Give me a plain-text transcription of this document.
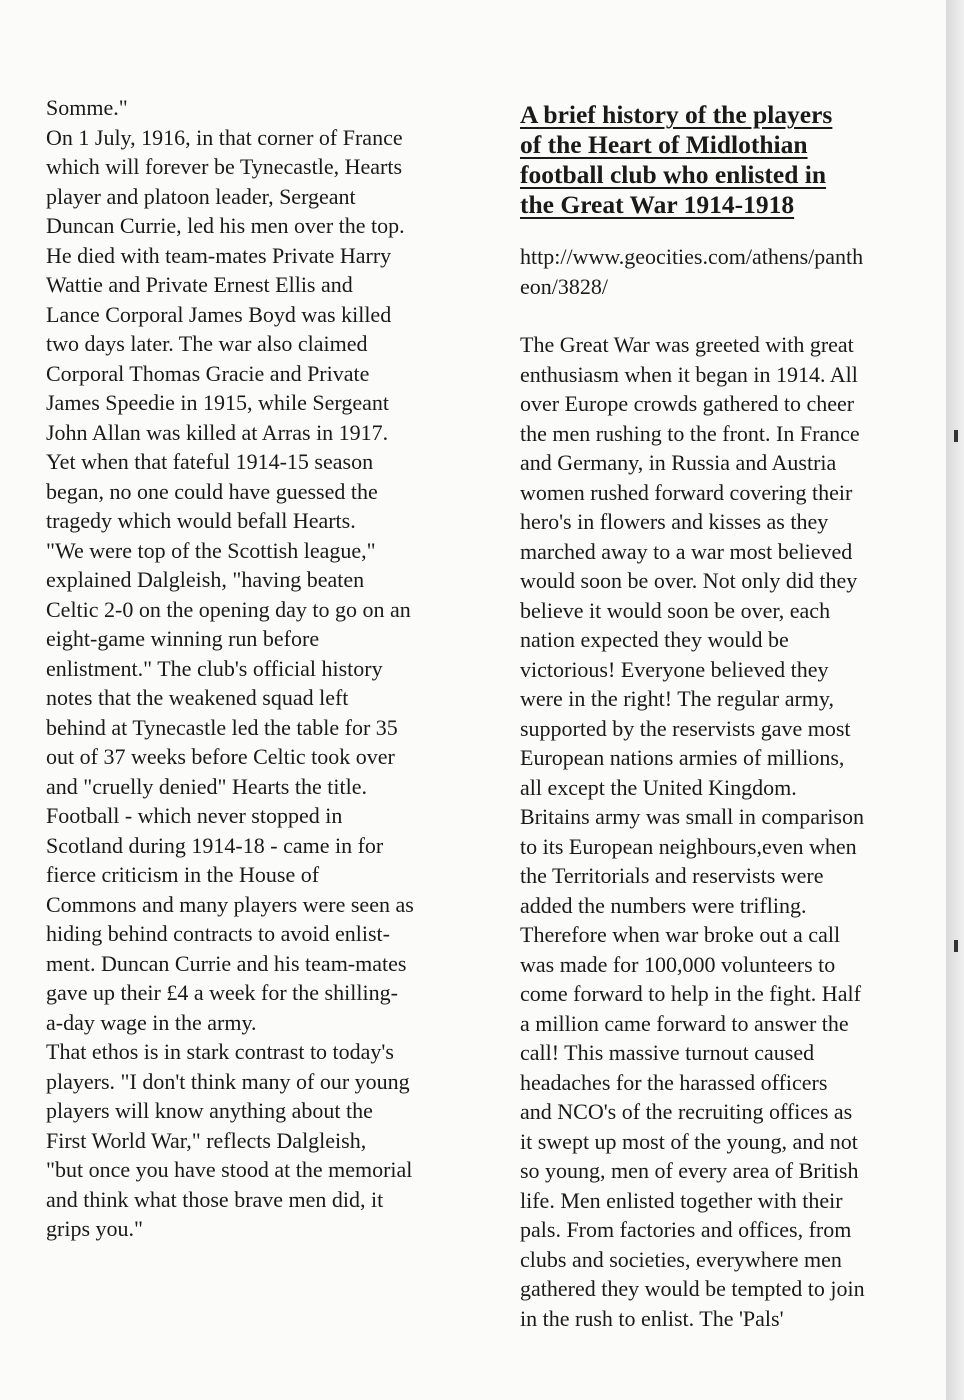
Somme."
On 1 July, 1916, in that corner of France
which will forever be Tynecastle, Hearts
player and platoon leader, Sergeant
Duncan Currie, led his men over the top.
He died with team-mates Private Harry
Wattie and Private Ernest Ellis and
Lance Corporal James Boyd was killed
two days later. The war also claimed
Corporal Thomas Gracie and Private
James Speedie in 1915, while Sergeant
John Allan was killed at Arras in 1917.
Yet when that fateful 1914-15 season
began, no one could have guessed the
tragedy which would befall Hearts.
"We were top of the Scottish league,"
explained Dalgleish, "having beaten
Celtic 2-0 on the opening day to go on an
eight-game winning run before
enlistment." The club's official history
notes that the weakened squad left
behind at Tynecastle led the table for 35
out of 37 weeks before Celtic took over
and "cruelly denied" Hearts the title.
Football - which never stopped in
Scotland during 1914-18 - came in for
fierce criticism in the House of
Commons and many players were seen as
hiding behind contracts to avoid enlist-
ment. Duncan Currie and his team-mates
gave up their £4 a week for the shilling-
a-day wage in the army.
That ethos is in stark contrast to today's
players. "I don't think many of our young
players will know anything about the
First World War," reflects Dalgleish,
"but once you have stood at the memorial
and think what those brave men did, it
grips you."
A brief history of the players
of the Heart of Midlothian
football club who enlisted in
the Great War 1914-1918
http://www.geocities.com/athens/panth
eon/3828/
The Great War was greeted with great
enthusiasm when it began in 1914. All
over Europe crowds gathered to cheer
the men rushing to the front. In France
and Germany, in Russia and Austria
women rushed forward covering their
hero's in flowers and kisses as they
marched away to a war most believed
would soon be over. Not only did they
believe it would soon be over, each
nation expected they would be
victorious! Everyone believed they
were in the right! The regular army,
supported by the reservists gave most
European nations armies of millions,
all except the United Kingdom.
Britains army was small in comparison
to its European neighbours,even when
the Territorials and reservists were
added the numbers were trifling.
Therefore when war broke out a call
was made for 100,000 volunteers to
come forward to help in the fight. Half
a million came forward to answer the
call! This massive turnout caused
headaches for the harassed officers
and NCO's of the recruiting offices as
it swept up most of the young, and not
so young, men of every area of British
life. Men enlisted together with their
pals. From factories and offices, from
clubs and societies, everywhere men
gathered they would be tempted to join
in the rush to enlist. The 'Pals'
